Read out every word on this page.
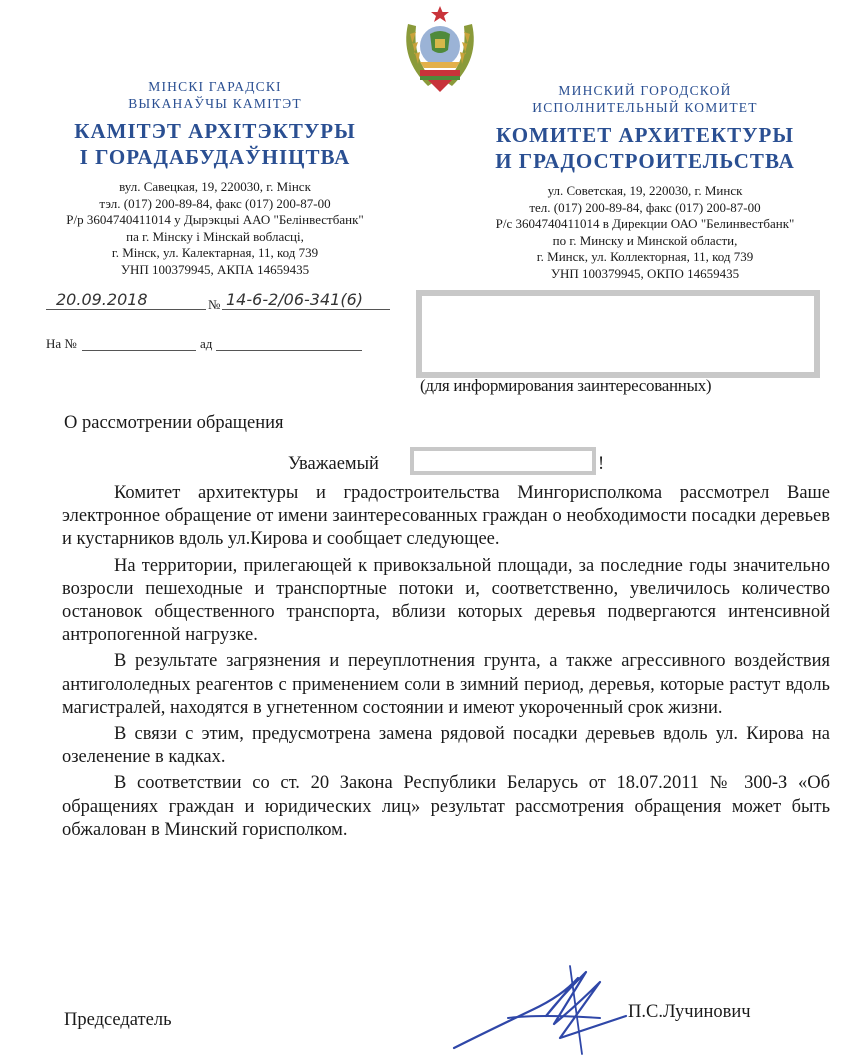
МІНСКІ ГАРАДСКІ
ВЫКАНАЎЧЫ КАМІТЭТ
КАМІТЭТ АРХІТЭКТУРЫ
І ГОРАДАБУДАЎНІЦТВА
вул. Савецкая, 19, 220030, г. Мінск
тэл. (017) 200-89-84, факс (017) 200-87-00
Р/р 3604740411014 у Дырэкцыі ААО "Белінвестбанк"
па г. Мінску і Мінскай вобласці,
г. Мінск, ул. Калектарная, 11, код 739
УНП 100379945, АКПА 14659435
МИНСКИЙ ГОРОДСКОЙ
ИСПОЛНИТЕЛЬНЫЙ КОМИТЕТ
КОМИТЕТ АРХИТЕКТУРЫ
И ГРАДОСТРОИТЕЛЬСТВА
ул. Советская, 19, 220030, г. Минск
тел. (017) 200-89-84, факс (017) 200-87-00
Р/с 3604740411014 в Дирекции ОАО "Белинвестбанк"
по г. Минску и Минской области,
г. Минск, ул. Коллекторная, 11, код 739
УНП 100379945, ОКПО 14659435
20.09.2018	№ 14-6-2/06-341(6)
На №	ад
(для информирования заинтересованных)
О рассмотрении обращения
Уважаемый	!

Комитет архитектуры и градостроительства Мингорисполкома рассмотрел Ваше электронное обращение от имени заинтересованных граждан о необходимости посадки деревьев и кустарников вдоль ул.Кирова и сообщает следующее.

На территории, прилегающей к привокзальной площади, за последние годы значительно возросли пешеходные и транспортные потоки и, соответственно, увеличилось количество остановок общественного транспорта, вблизи которых деревья подвергаются интенсивной антропогенной нагрузке.

В результате загрязнения и переуплотнения грунта, а также агрессивного воздействия антигололедных реагентов с применением соли в зимний период, деревья, которые растут вдоль магистралей, находятся в угнетенном состоянии и имеют укороченный срок жизни.

В связи с этим, предусмотрена замена рядовой посадки деревьев вдоль ул. Кирова на озеленение в кадках.

В соответствии со ст. 20 Закона Республики Беларусь от 18.07.2011 № 300-З «Об обращениях граждан и юридических лиц» результат рассмотрения обращения может быть обжалован в Минский горисполком.

Председатель	П.С.Лучинович
